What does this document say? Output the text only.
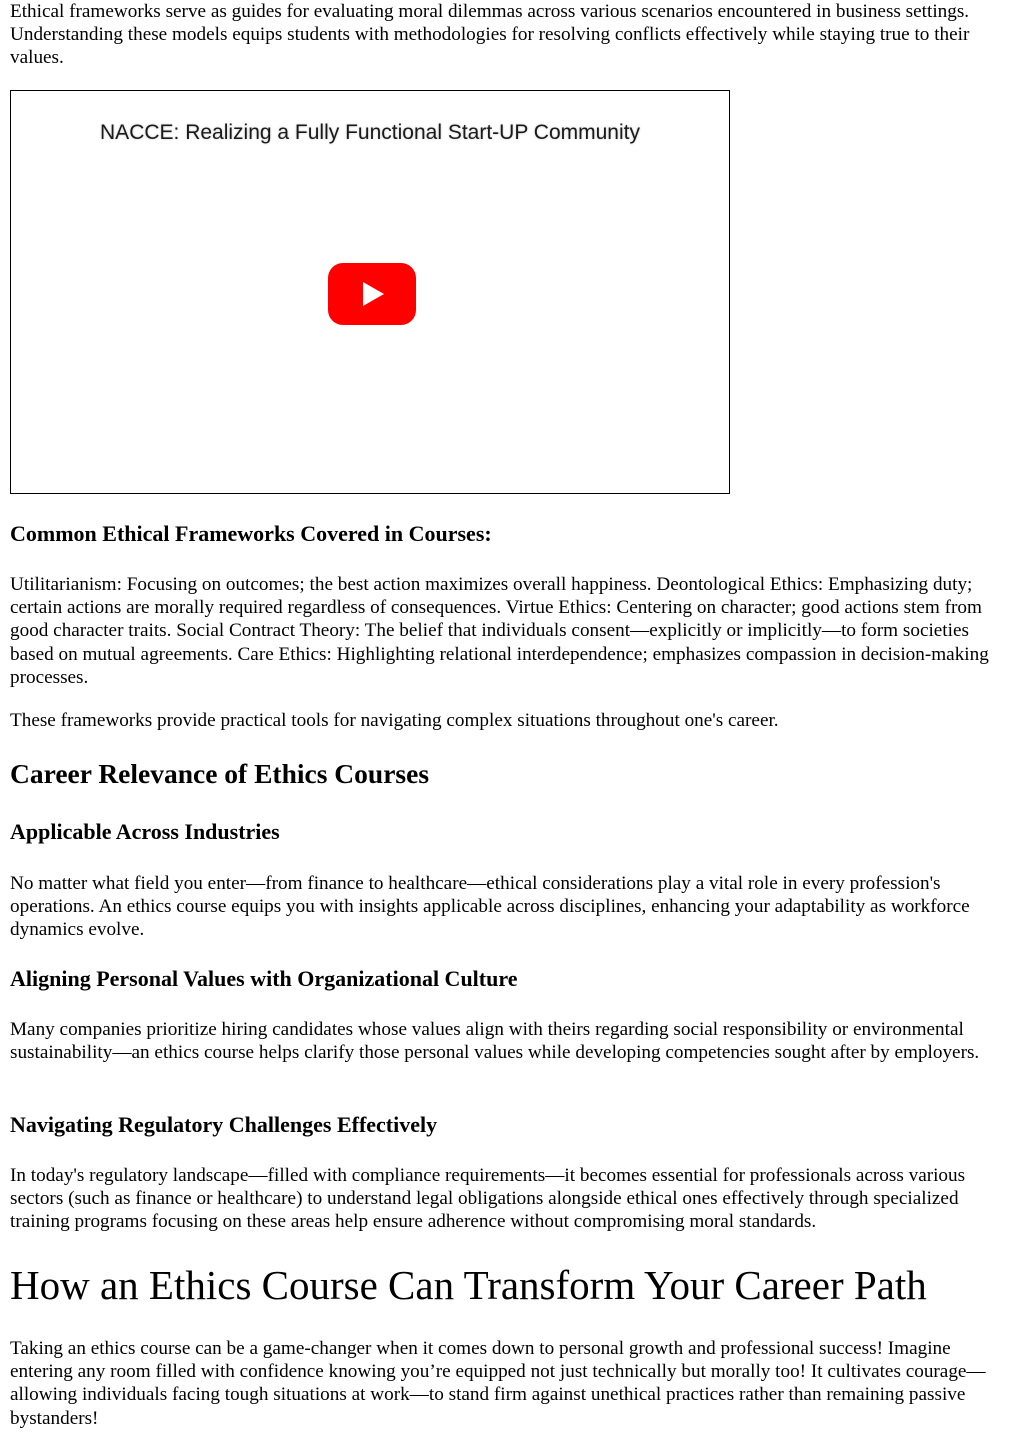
Ethical frameworks serve as guides for evaluating moral dilemmas across various scenarios encountered in business settings. Understanding these models equips students with methodologies for resolving conflicts effectively while staying true to their values.

NACCE: Realizing a Fully Functional Start-UP Community
Common Ethical Frameworks Covered in Courses:

Utilitarianism: Focusing on outcomes; the best action maximizes overall happiness. Deontological Ethics: Emphasizing duty; certain actions are morally required regardless of consequences. Virtue Ethics: Centering on character; good actions stem from good character traits. Social Contract Theory: The belief that individuals consent—explicitly or implicitly—to form societies based on mutual agreements. Care Ethics: Highlighting relational interdependence; emphasizes compassion in decision-making processes.

These frameworks provide practical tools for navigating complex situations throughout one's career.

Career Relevance of Ethics Courses
Applicable Across Industries

No matter what field you enter—from finance to healthcare—ethical considerations play a vital role in every profession's operations. An ethics course equips you with insights applicable across disciplines, enhancing your adaptability as workforce dynamics evolve.

Aligning Personal Values with Organizational Culture

Many companies prioritize hiring candidates whose values align with theirs regarding social responsibility or environmental sustainability—an ethics course helps clarify those personal values while developing competencies sought after by employers.

Navigating Regulatory Challenges Effectively

In today's regulatory landscape—filled with compliance requirements—it becomes essential for professionals across various sectors (such as finance or healthcare) to understand legal obligations alongside ethical ones effectively through specialized training programs focusing on these areas help ensure adherence without compromising moral standards.

How an Ethics Course Can Transform Your Career Path

Taking an ethics course can be a game-changer when it comes down to personal growth and professional success! Imagine entering any room filled with confidence knowing you’re equipped not just technically but morally too! It cultivates courage—allowing individuals facing tough situations at work—to stand firm against unethical practices rather than remaining passive bystanders!
